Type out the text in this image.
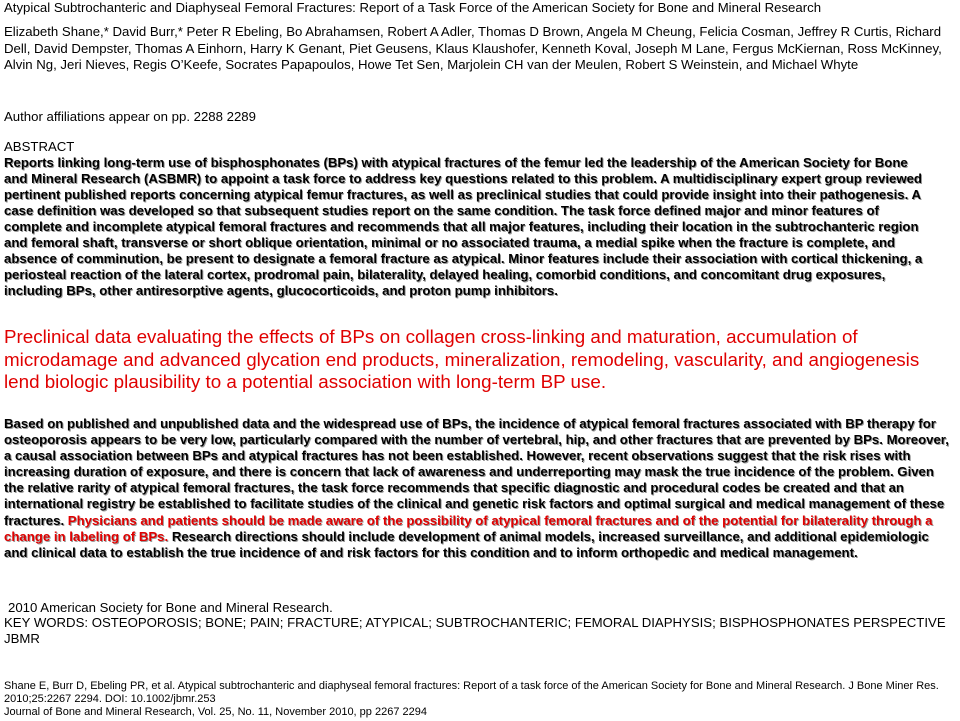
Atypical Subtrochanteric and Diaphyseal Femoral Fractures: Report of a Task Force of the American Society for Bone and Mineral Research

Elizabeth Shane,* David Burr,* Peter R Ebeling, Bo Abrahamsen, Robert A Adler, Thomas D Brown, Angela M Cheung, Felicia Cosman, Jeffrey R Curtis, Richard Dell, David Dempster, Thomas A Einhorn, Harry K Genant, Piet Geusens, Klaus Klaushofer, Kenneth Koval, Joseph M Lane, Fergus McKiernan, Ross McKinney, Alvin Ng, Jeri Nieves, Regis O’Keefe, Socrates Papapoulos, Howe Tet Sen, Marjolein CH van der Meulen, Robert S Weinstein, and Michael Whyte

Author affiliations appear on pp. 2288 2289

ABSTRACT

Reports linking long-term use of bisphosphonates (BPs) with atypical fractures of the femur led the leadership of the American Society for Bone and Mineral Research (ASBMR) to appoint a task force to address key questions related to this problem. A multidisciplinary expert group reviewed pertinent published reports concerning atypical femur fractures, as well as preclinical studies that could provide insight into their pathogenesis. A case definition was developed so that subsequent studies report on the same condition. The task force defined major and minor features of complete and incomplete atypical femoral fractures and recommends that all major features, including their location in the subtrochanteric region and femoral shaft, transverse or short oblique orientation, minimal or no associated trauma, a medial spike when the fracture is complete, and absence of comminution, be present to designate a femoral fracture as atypical. Minor features include their association with cortical thickening, a periosteal reaction of the lateral cortex, prodromal pain, bilaterality, delayed healing, comorbid conditions, and concomitant drug exposures, including BPs, other antiresorptive agents, glucocorticoids, and proton pump inhibitors.

Preclinical data evaluating the effects of BPs on collagen cross-linking and maturation, accumulation of microdamage and advanced glycation end products, mineralization, remodeling, vascularity, and angiogenesis lend biologic plausibility to a potential association with long-term BP use.

Based on published and unpublished data and the widespread use of BPs, the incidence of atypical femoral fractures associated with BP therapy for osteoporosis appears to be very low, particularly compared with the number of vertebral, hip, and other fractures that are prevented by BPs. Moreover, a causal association between BPs and atypical fractures has not been established. However, recent observations suggest that the risk rises with increasing duration of exposure, and there is concern that lack of awareness and underreporting may mask the true incidence of the problem. Given the relative rarity of atypical femoral fractures, the task force recommends that specific diagnostic and procedural codes be created and that an international registry be established to facilitate studies of the clinical and genetic risk factors and optimal surgical and medical management of these fractures. Physicians and patients should be made aware of the possibility of atypical femoral fractures and of the potential for bilaterality through a change in labeling of BPs. Research directions should include development of animal models, increased surveillance, and additional epidemiologic and clinical data to establish the true incidence of and risk factors for this condition and to inform orthopedic and medical management.

2010 American Society for Bone and Mineral Research.

KEY WORDS: OSTEOPOROSIS; BONE; PAIN; FRACTURE; ATYPICAL; SUBTROCHANTERIC; FEMORAL DIAPHYSIS; BISPHOSPHONATES PERSPECTIVE JBMR

Shane E, Burr D, Ebeling PR, et al. Atypical subtrochanteric and diaphyseal femoral fractures: Report of a task force of the American Society for Bone and Mineral Research. J Bone Miner Res. 2010;25:2267 2294. DOI: 10.1002/jbmr.253
Journal of Bone and Mineral Research, Vol. 25, No. 11, November 2010, pp 2267 2294
